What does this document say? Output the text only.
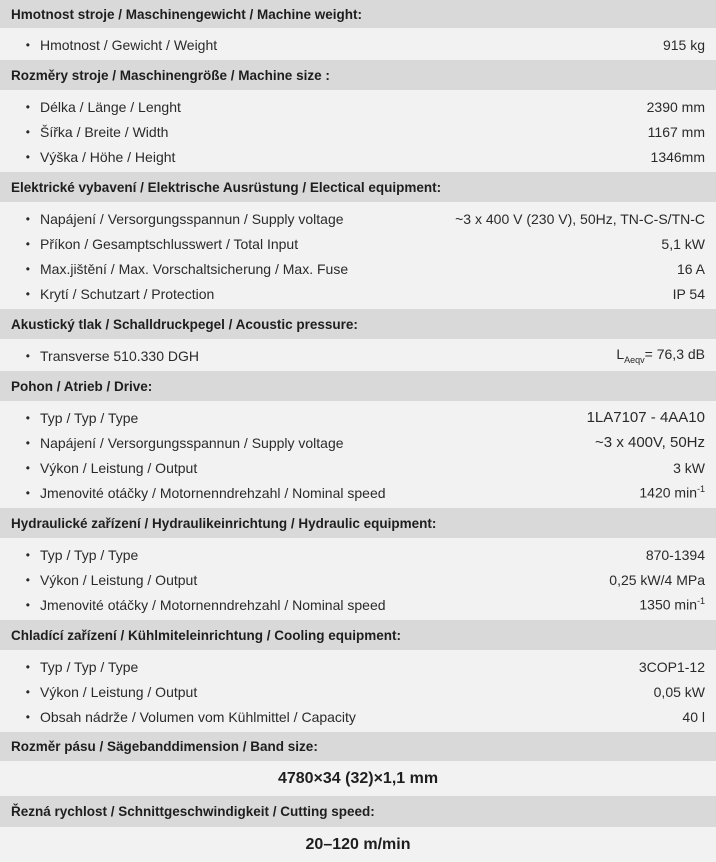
Hmotnost stroje / Maschinengewicht / Machine weight:
• Hmotnost / Gewicht / Weight	915 kg
Rozměry stroje / Maschinengröße / Machine size :
• Délka / Länge / Lenght	2390 mm
• Šířka / Breite / Width	1167 mm
• Výška / Höhe / Height	1346mm
Elektrické vybavení / Elektrische Ausrüstung / Electical equipment:
• Napájení / Versorgungsspannun / Supply voltage	~3 x 400 V (230 V), 50Hz, TN-C-S/TN-C
• Příkon / Gesamptschlusswert / Total Input	5,1 kW
• Max.jištění / Max. Vorschaltsicherung / Max. Fuse	16 A
• Krytí / Schutzart / Protection	IP 54
Akustický tlak / Schalldruckpegel / Acoustic pressure:
• Transverse 510.330 DGH	$L_{Aeqv}= 76,3$ dB
Pohon / Atrieb / Drive:
• Typ / Typ / Type	1LA7107 - 4AA10
• Napájení / Versorgungsspannun / Supply voltage	~3 x 400V, 50Hz
• Výkon / Leistung / Output	3 kW
• Jmenovité otáčky / Motornenndrehzahl / Nominal speed	1420 $\min^{-1}$
Hydraulické zařízení / Hydraulikeinrichtung / Hydraulic equipment:
• Typ / Typ / Type	870-1394
• Výkon / Leistung / Output	0,25 kW/4 MPa
• Jmenovité otáčky / Motornenndrehzahl / Nominal speed	1350 $\min^{-1}$
Chladící zařízení / Kühlmiteleinrichtung / Cooling equipment:
• Typ / Typ / Type	3COP1-12
• Výkon / Leistung / Output	0,05 kW
• Obsah nádrže / Volumen vom Kühlmittel / Capacity	40 l
Rozměr pásu / Sägebanddimension / Band size:
4780×34 (32)×1,1 mm
Řezná rychlost / Schnittgeschwindigkeit / Cutting speed:
20–120 m/min
